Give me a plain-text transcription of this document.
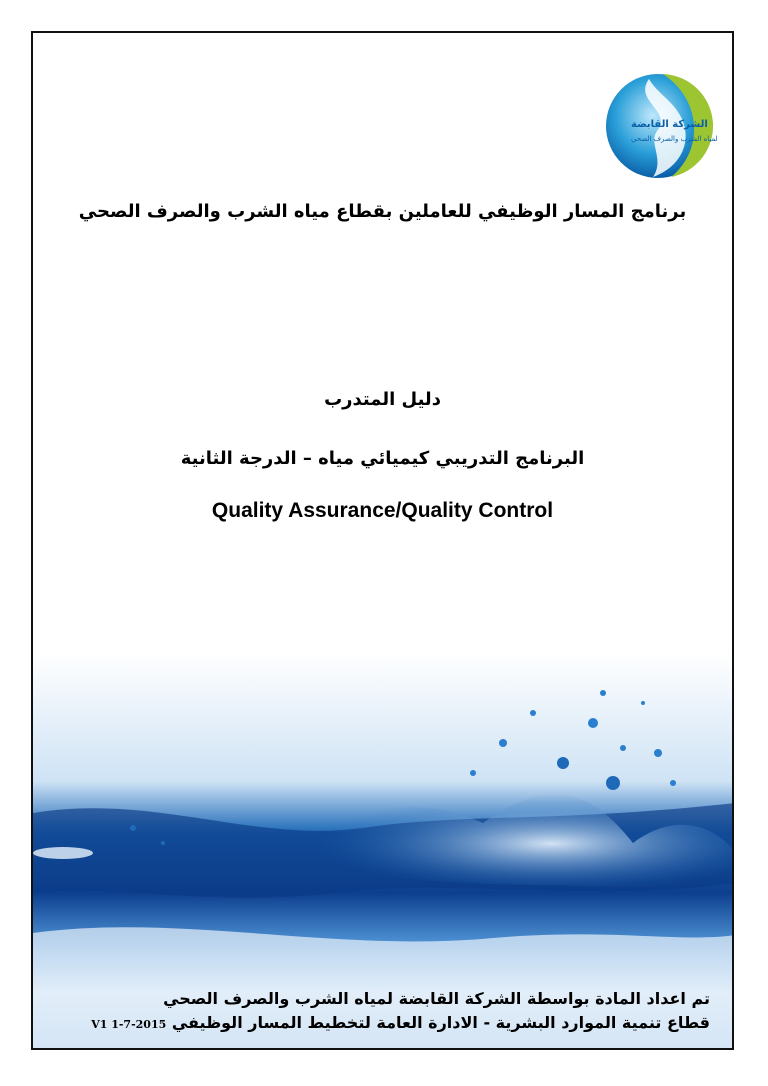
الشركة القابضة
لمياه الشرب والصرف الصحي
برنامج المسار الوظيفي للعاملين بقطاع مياه الشرب والصرف الصحي
دليل المتدرب
البرنامج التدريبي كيميائي مياه – الدرجة الثانية
Quality Assurance/Quality Control
تم اعداد المادة بواسطة الشركة القابضة لمياه الشرب والصرف الصحي
قطاع تنمية الموارد البشرية - الادارة العامة لتخطيط المسار الوظيفي V1 1-7-2015
